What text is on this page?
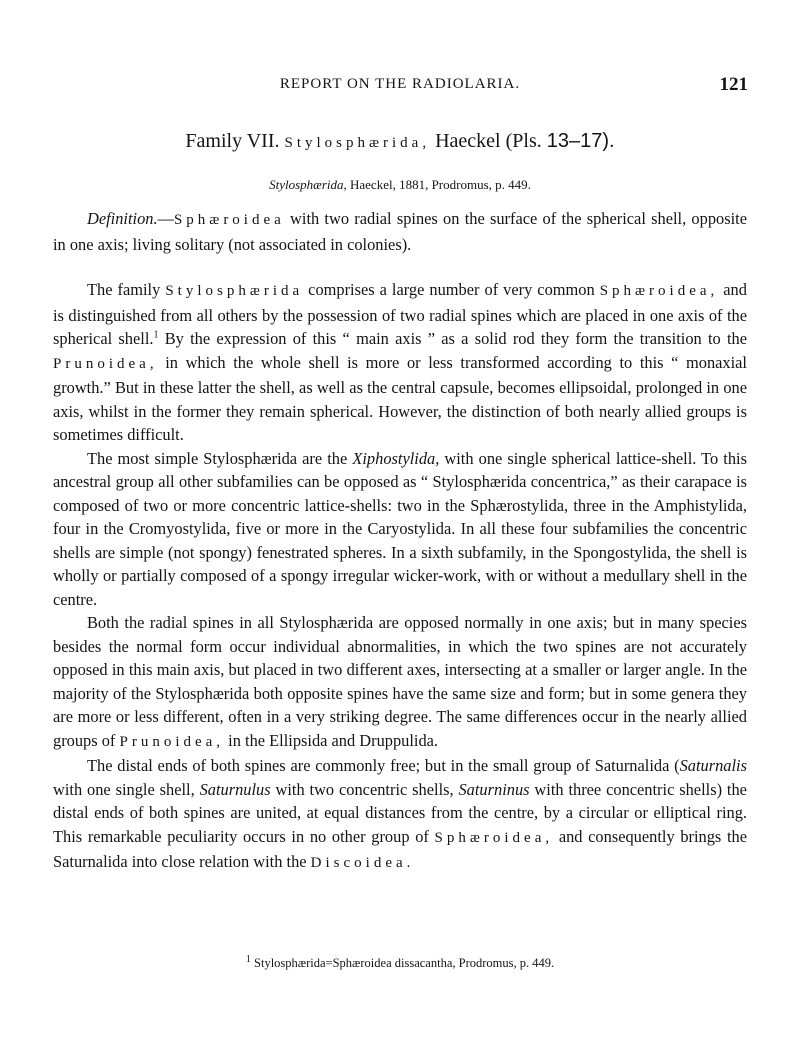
REPORT ON THE RADIOLARIA.	121
Family VII. Stylosphærida, Haeckel (Pls. 13–17).
Stylosphærida, Haeckel, 1881, Prodromus, p. 449.

Definition.—Sphæroidea with two radial spines on the surface of the spherical shell, opposite in one axis; living solitary (not associated in colonies).

The family Stylosphærida comprises a large number of very common Sphæroidea, and is distinguished from all others by the possession of two radial spines which are placed in one axis of the spherical shell.$^1$ By the expression of this “ main axis ” as a solid rod they form the transition to the Prunoidea, in which the whole shell is more or less transformed according to this “ monaxial growth.” But in these latter the shell, as well as the central capsule, becomes ellipsoidal, prolonged in one axis, whilst in the former they remain spherical. However, the distinction of both nearly allied groups is sometimes difficult.

The most simple Stylosphærida are the Xiphostylida, with one single spherical lattice-shell. To this ancestral group all other subfamilies can be opposed as “ Stylosphærida concentrica,” as their carapace is composed of two or more concentric lattice-shells: two in the Sphærostylida, three in the Amphistylida, four in the Cromyostylida, five or more in the Caryostylida. In all these four subfamilies the concentric shells are simple (not spongy) fenestrated spheres. In a sixth subfamily, in the Spongostylida, the shell is wholly or partially composed of a spongy irregular wicker-work, with or without a medullary shell in the centre.

Both the radial spines in all Stylosphærida are opposed normally in one axis; but in many species besides the normal form occur individual abnormalities, in which the two spines are not accurately opposed in this main axis, but placed in two different axes, intersecting at a smaller or larger angle. In the majority of the Stylosphærida both opposite spines have the same size and form; but in some genera they are more or less different, often in a very striking degree. The same differences occur in the nearly allied groups of Prunoidea, in the Ellipsida and Druppulida.

The distal ends of both spines are commonly free; but in the small group of Saturnalida (Saturnalis with one single shell, Saturnulus with two concentric shells, Saturninus with three concentric shells) the distal ends of both spines are united, at equal distances from the centre, by a circular or elliptical ring. This remarkable peculiarity occurs in no other group of Sphæroidea, and consequently brings the Saturnalida into close relation with the Discoidea.

$^1$ Stylosphærida=Sphæroidea dissacantha, Prodromus, p. 449.
